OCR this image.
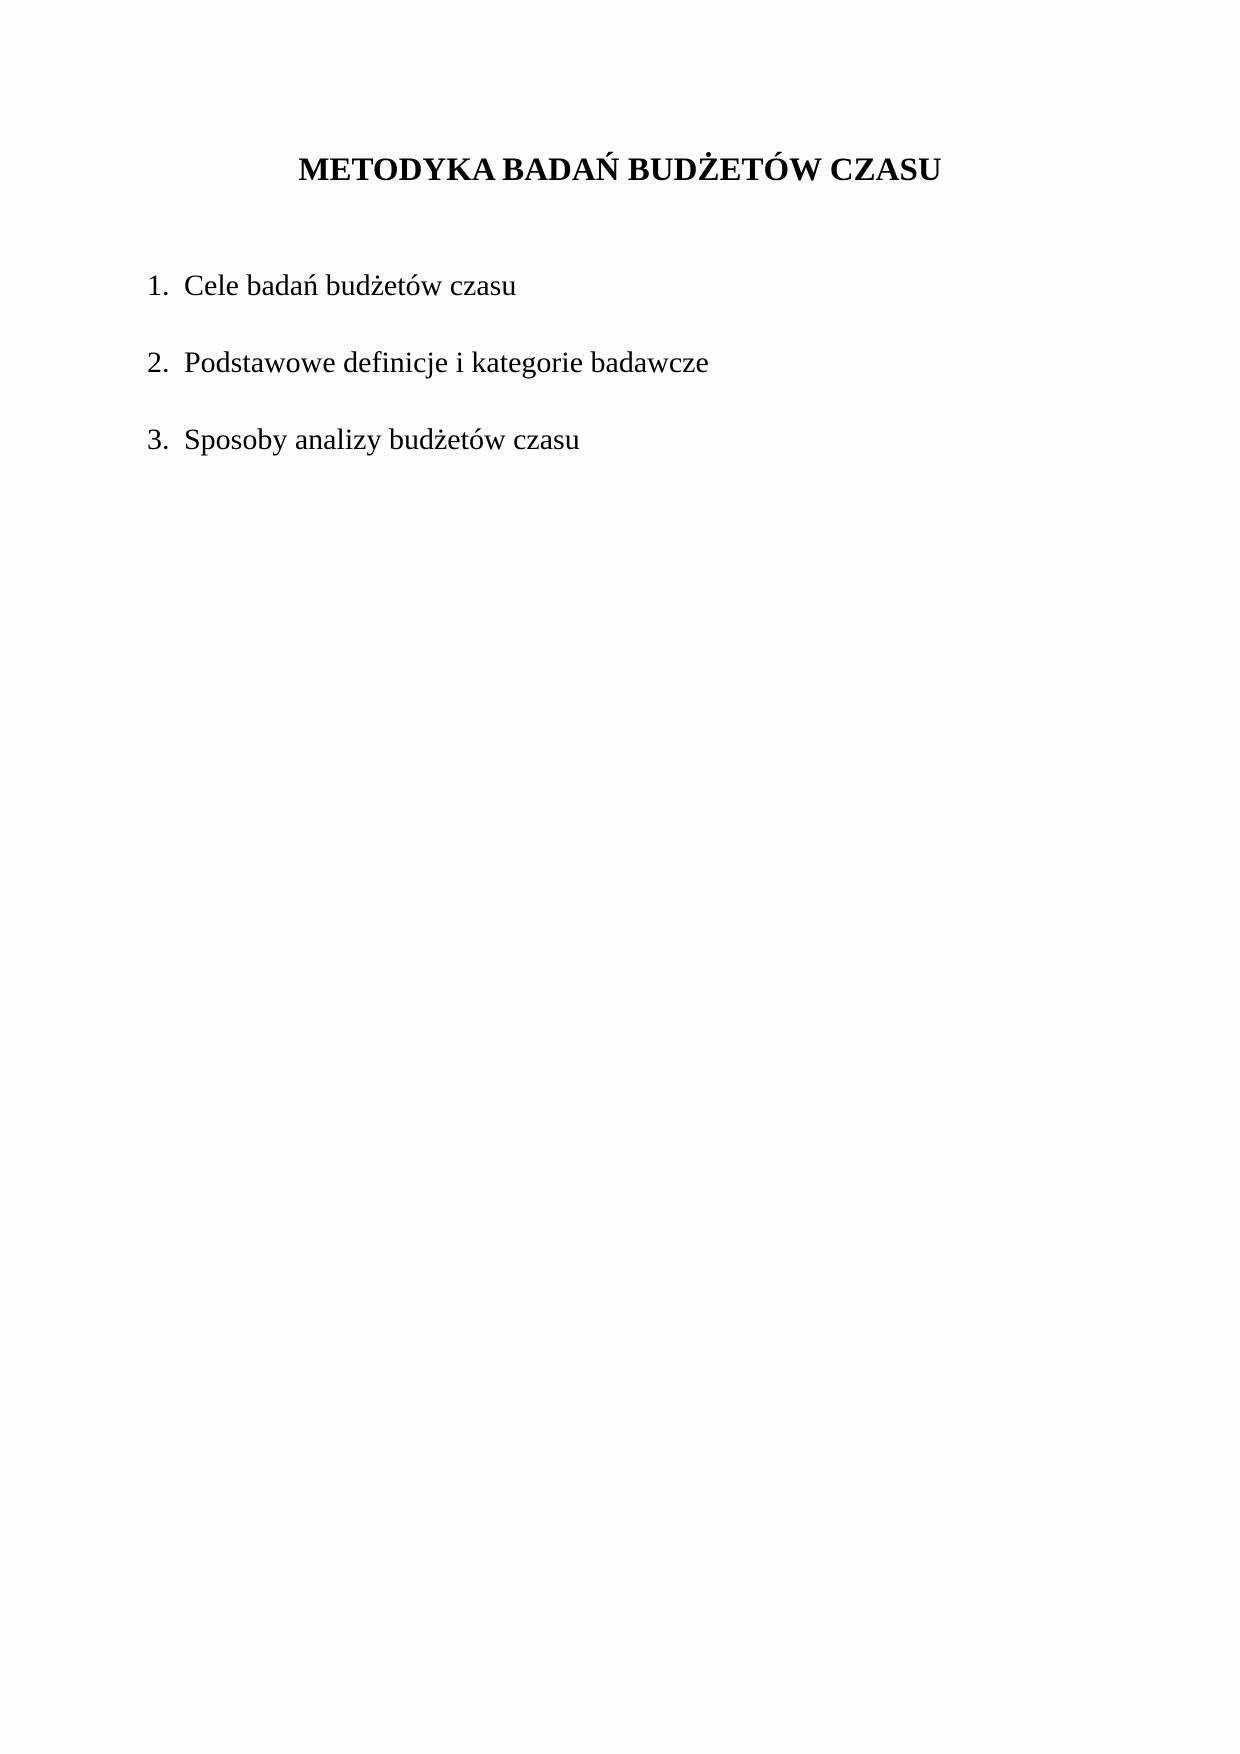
METODYKA BADAŃ BUDŻETÓW CZASU
1. Cele badań budżetów czasu
2. Podstawowe definicje i kategorie badawcze
3. Sposoby analizy budżetów czasu
